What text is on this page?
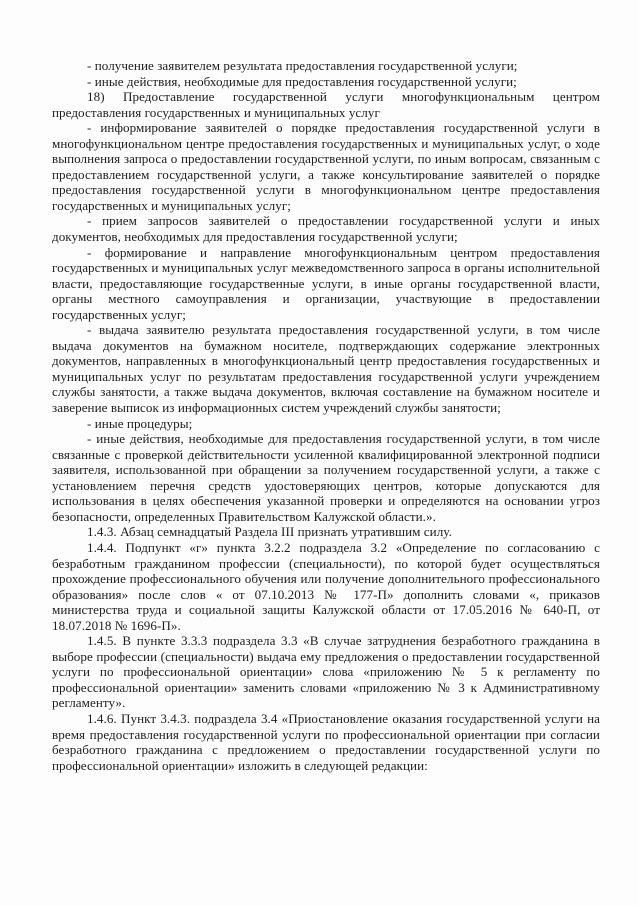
- получение заявителем результата предоставления государственной услуги;

- иные действия, необходимые для предоставления государственной услуги;

18) Предоставление государственной услуги многофункциональным центром предоставления государственных и муниципальных услуг

- информирование заявителей о порядке предоставления государственной услуги в многофункциональном центре предоставления государственных и муниципальных услуг, о ходе выполнения запроса о предоставлении государственной услуги, по иным вопросам, связанным с предоставлением государственной услуги, а также консультирование заявителей о порядке предоставления государственной услуги в многофункциональном центре предоставления государственных и муниципальных услуг;

- прием запросов заявителей о предоставлении государственной услуги и иных документов, необходимых для предоставления государственной услуги;

- формирование и направление многофункциональным центром предоставления государственных и муниципальных услуг межведомственного запроса в органы исполнительной власти, предоставляющие государственные услуги, в иные органы государственной власти, органы местного самоуправления и организации, участвующие в предоставлении государственных услуг;

- выдача заявителю результата предоставления государственной услуги, в том числе выдача документов на бумажном носителе, подтверждающих содержание электронных документов, направленных в многофункциональный центр предоставления государственных и муниципальных услуг по результатам предоставления государственной услуги учреждением службы занятости, а также выдача документов, включая составление на бумажном носителе и заверение выписок из информационных систем учреждений службы занятости;

- иные процедуры;

- иные действия, необходимые для предоставления государственной услуги, в том числе связанные с проверкой действительности усиленной квалифицированной электронной подписи заявителя, использованной при обращении за получением государственной услуги, а также с установлением перечня средств удостоверяющих центров, которые допускаются для использования в целях обеспечения указанной проверки и определяются на основании угроз безопасности, определенных Правительством Калужской области.».

1.4.3. Абзац семнадцатый Раздела III признать утратившим силу.

1.4.4. Подпункт «г» пункта 3.2.2 подраздела 3.2 «Определение по согласованию с безработным гражданином профессии (специальности), по которой будет осуществляться прохождение профессионального обучения или получение дополнительного профессионального образования» после слов « от 07.10.2013 № 177-П» дополнить словами «, приказов министерства труда и социальной защиты Калужской области от 17.05.2016 № 640-П, от 18.07.2018 № 1696-П».

1.4.5. В пункте 3.3.3 подраздела 3.3 «В случае затруднения безработного гражданина в выборе профессии (специальности) выдача ему предложения о предоставлении государственной услуги по профессиональной ориентации» слова «приложению № 5 к регламенту по профессиональной ориентации» заменить словами «приложению № 3 к Административному регламенту».

1.4.6. Пункт 3.4.3. подраздела 3.4 «Приостановление оказания государственной услуги на время предоставления государственной услуги по профессиональной ориентации при согласии безработного гражданина с предложением о предоставлении государственной услуги по профессиональной ориентации» изложить в следующей редакции:
